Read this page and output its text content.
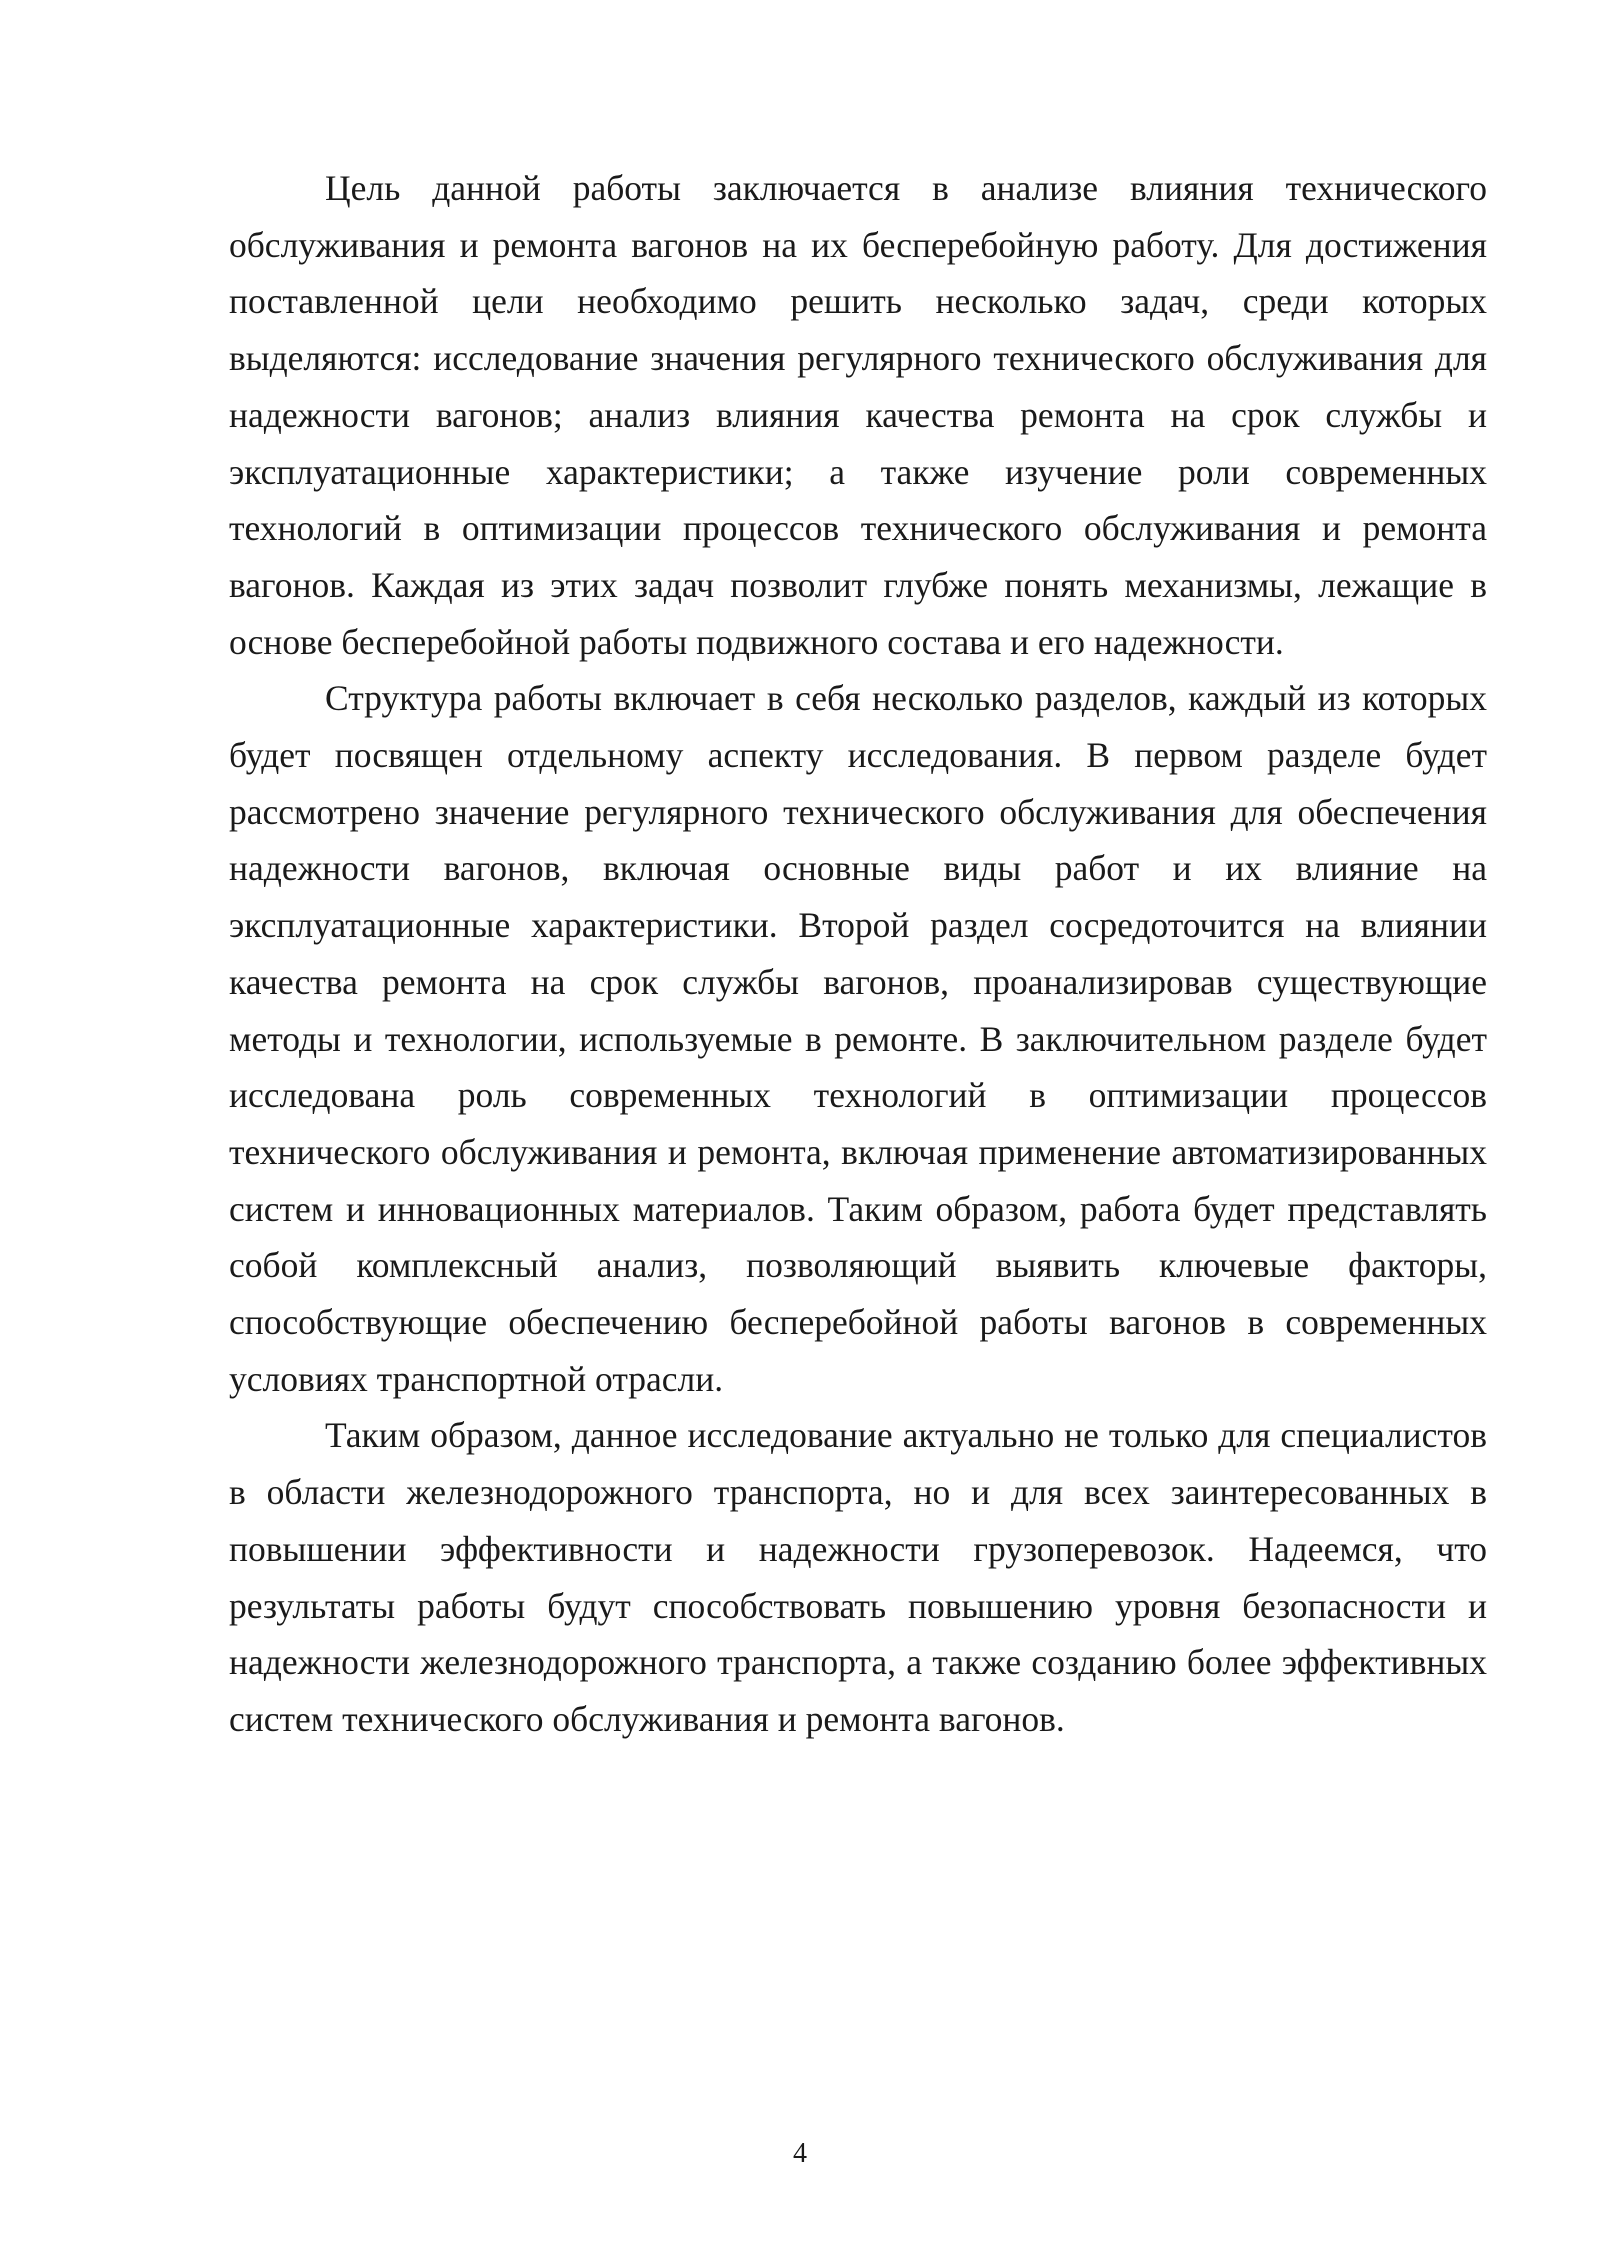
Цель данной работы заключается в анализе влияния технического обслуживания и ремонта вагонов на их бесперебойную работу. Для достижения поставленной цели необходимо решить несколько задач, среди которых выделяются: исследование значения регулярного технического обслуживания для надежности вагонов; анализ влияния качества ремонта на срок службы и эксплуатационные характеристики; а также изучение роли современных технологий в оптимизации процессов технического обслуживания и ремонта вагонов. Каждая из этих задач позволит глубже понять механизмы, лежащие в основе бесперебойной работы подвижного состава и его надежности.

Структура работы включает в себя несколько разделов, каждый из которых будет посвящен отдельному аспекту исследования. В первом разделе будет рассмотрено значение регулярного технического обслуживания для обеспечения надежности вагонов, включая основные виды работ и их влияние на эксплуатационные характеристики. Второй раздел сосредоточится на влиянии качества ремонта на срок службы вагонов, проанализировав существующие методы и технологии, используемые в ремонте. В заключительном разделе будет исследована роль современных технологий в оптимизации процессов технического обслуживания и ремонта, включая применение автоматизированных систем и инновационных материалов. Таким образом, работа будет представлять собой комплексный анализ, позволяющий выявить ключевые факторы, способствующие обеспечению бесперебойной работы вагонов в современных условиях транспортной отрасли.

Таким образом, данное исследование актуально не только для специалистов в области железнодорожного транспорта, но и для всех заинтересованных в повышении эффективности и надежности грузоперевозок. Надеемся, что результаты работы будут способствовать повышению уровня безопасности и надежности железнодорожного транспорта, а также созданию более эффективных систем технического обслуживания и ремонта вагонов.

4
